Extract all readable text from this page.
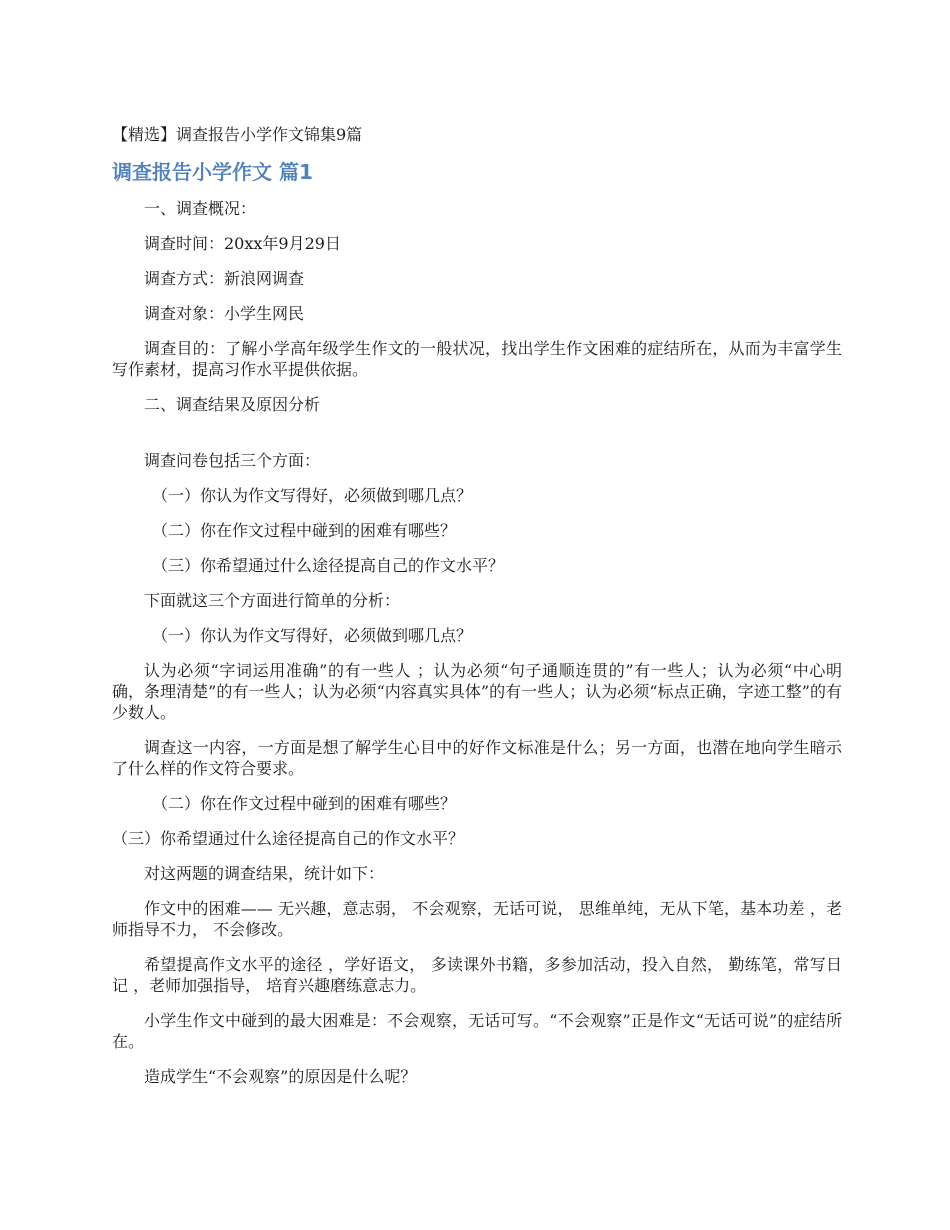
【精选】调查报告小学作文锦集9篇
调查报告小学作文 篇1

一、调查概况：

调查时间：20xx年9月29日

调查方式：新浪网调查

调查对象：小学生网民

调查目的：了解小学高年级学生作文的一般状况，找出学生作文困难的症结所在，从而为丰富学生写作素材，提高习作水平提供依据。

二、调查结果及原因分析

调查问卷包括三个方面：

（一）你认为作文写得好，必须做到哪几点？

（二）你在作文过程中碰到的困难有哪些？

（三）你希望通过什么途径提高自己的作文水平？

下面就这三个方面进行简单的分析：

（一）你认为作文写得好，必须做到哪几点？

认为必须“字词运用准确”的有一些人 ；认为必须“句子通顺连贯的”有一些人；认为必须“中心明确，条理清楚”的有一些人；认为必须“内容真实具体”的有一些人；认为必须“标点正确，字迹工整”的有少数人。

调查这一内容，一方面是想了解学生心目中的好作文标准是什么；另一方面，也潜在地向学生暗示了什么样的作文符合要求。

（二）你在作文过程中碰到的困难有哪些？

（三）你希望通过什么途径提高自己的作文水平？

对这两题的调查结果，统计如下：

作文中的困难—— 无兴趣，意志弱， 不会观察，无话可说， 思维单纯，无从下笔，基本功差 ，老师指导不力， 不会修改。

希望提高作文水平的途径 ，学好语文， 多读课外书籍，多参加活动，投入自然， 勤练笔，常写日记 ，老师加强指导， 培育兴趣磨练意志力。

小学生作文中碰到的最大困难是：不会观察，无话可写。“不会观察”正是作文“无话可说”的症结所在。

造成学生“不会观察”的原因是什么呢？
